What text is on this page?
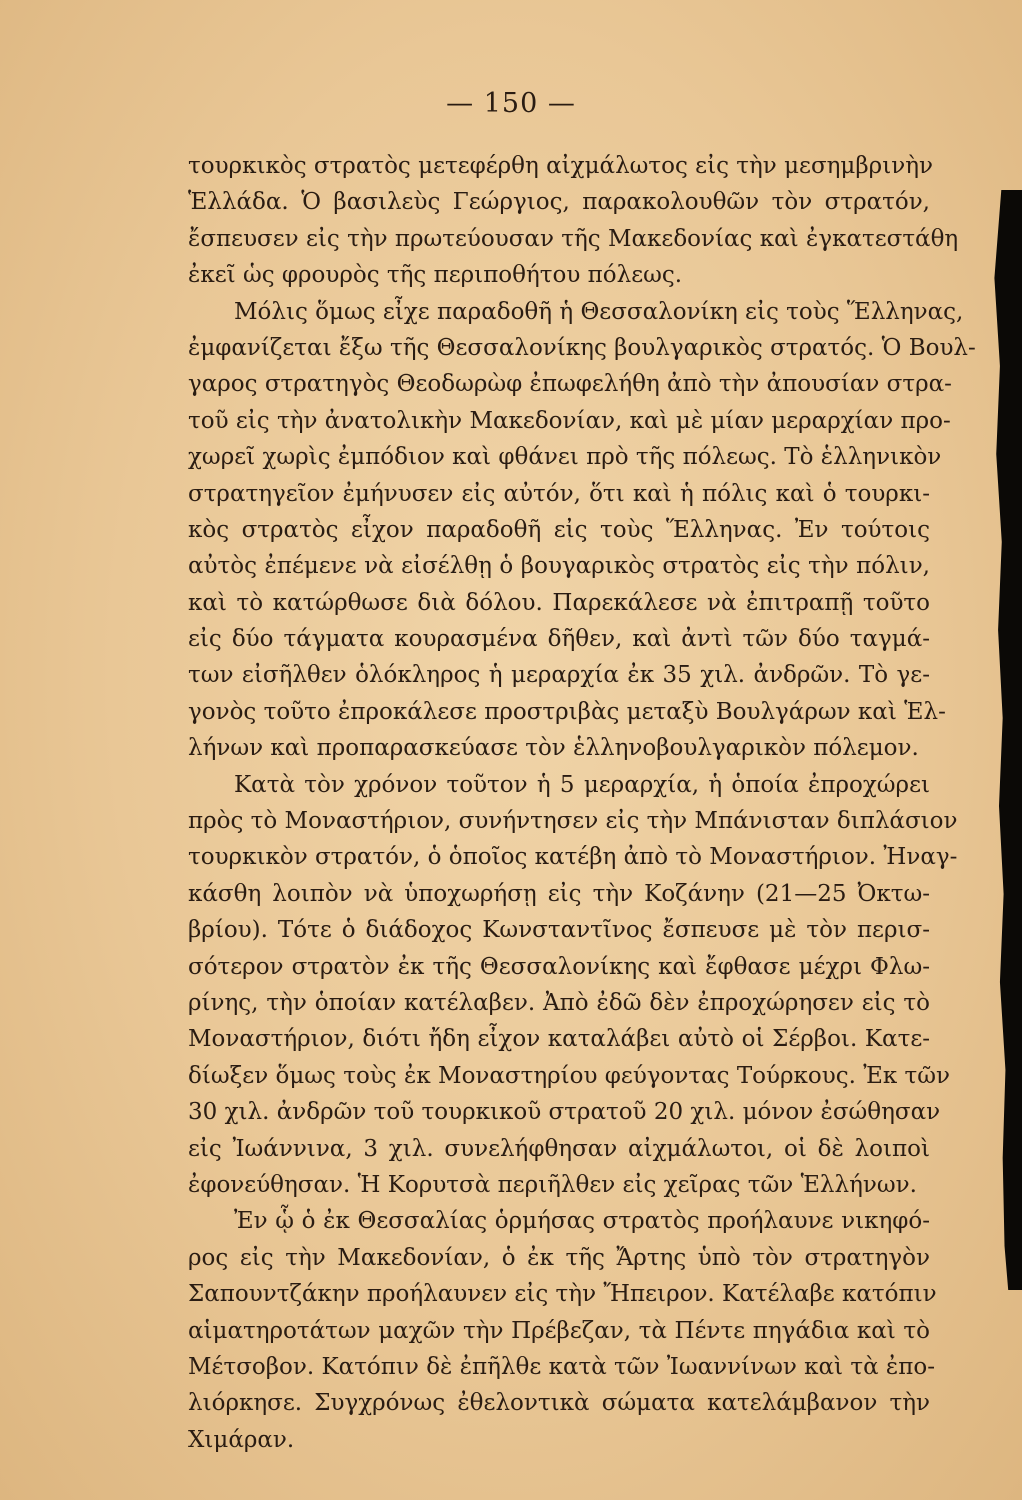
— 150 —
τουρκικὸς στρατὸς μετεφέρθη αἰχμάλωτος εἰς τὴν μεσημβρινὴν
Ἑλλάδα. Ὁ βασιλεὺς Γεώργιος, παρακολουθῶν τὸν στρατόν,
ἔσπευσεν εἰς τὴν πρωτεύουσαν τῆς Μακεδονίας καὶ ἐγκατεστάθη
ἐκεῖ ὡς φρουρὸς τῆς περιποθήτου πόλεως.
Μόλις ὅμως εἶχε παραδοθῆ ἡ Θεσσαλονίκη εἰς τοὺς Ἕλληνας,
ἐμφανίζεται ἔξω τῆς Θεσσαλονίκης βουλγαρικὸς στρατός. Ὁ Βουλ-
γαρος στρατηγὸς Θεοδωρὼφ ἐπωφελήθη ἀπὸ τὴν ἀπουσίαν στρα-
τοῦ εἰς τὴν ἀνατολικὴν Μακεδονίαν, καὶ μὲ μίαν μεραρχίαν προ-
χωρεῖ χωρὶς ἐμπόδιον καὶ φθάνει πρὸ τῆς πόλεως. Τὸ ἑλληνικὸν
στρατηγεῖον ἐμήνυσεν εἰς αὐτόν, ὅτι καὶ ἡ πόλις καὶ ὁ τουρκι-
κὸς στρατὸς εἶχον παραδοθῆ εἰς τοὺς Ἕλληνας. Ἐν τούτοις
αὐτὸς ἐπέμενε νὰ εἰσέλθῃ ὁ βουγαρικὸς στρατὸς εἰς τὴν πόλιν,
καὶ τὸ κατώρθωσε διὰ δόλου. Παρεκάλεσε νὰ ἐπιτραπῇ τοῦτο
εἰς δύο τάγματα κουρασμένα δῆθεν, καὶ ἀντὶ τῶν δύο ταγμά-
των εἰσῆλθεν ὁλόκληρος ἡ μεραρχία ἐκ 35 χιλ. ἀνδρῶν. Τὸ γε-
γονὸς τοῦτο ἐπροκάλεσε προστριβὰς μεταξὺ Βουλγάρων καὶ Ἑλ-
λήνων καὶ προπαρασκεύασε τὸν ἑλληνοβουλγαρικὸν πόλεμον.
Κατὰ τὸν χρόνον τοῦτον ἡ 5 μεραρχία, ἡ ὁποία ἐπροχώρει
πρὸς τὸ Μοναστήριον, συνήντησεν εἰς τὴν Μπάνισταν διπλάσιον
τουρκικὸν στρατόν, ὁ ὁποῖος κατέβη ἀπὸ τὸ Μοναστήριον. Ἠναγ-
κάσθη λοιπὸν νὰ ὑποχωρήσῃ εἰς τὴν Κοζάνην (21—25 Ὀκτω-
βρίου). Τότε ὁ διάδοχος Κωνσταντῖνος ἔσπευσε μὲ τὸν περισ-
σότερον στρατὸν ἐκ τῆς Θεσσαλονίκης καὶ ἔφθασε μέχρι Φλω-
ρίνης, τὴν ὁποίαν κατέλαβεν. Ἀπὸ ἐδῶ δὲν ἐπροχώρησεν εἰς τὸ
Μοναστήριον, διότι ἤδη εἶχον καταλάβει αὐτὸ οἱ Σέρβοι. Κατε-
δίωξεν ὅμως τοὺς ἐκ Μοναστηρίου φεύγοντας Τούρκους. Ἐκ τῶν
30 χιλ. ἀνδρῶν τοῦ τουρκικοῦ στρατοῦ 20 χιλ. μόνον ἐσώθησαν
εἰς Ἰωάννινα, 3 χιλ. συνελήφθησαν αἰχμάλωτοι, οἱ δὲ λοιποὶ
ἐφονεύθησαν. Ἡ Κορυτσὰ περιῆλθεν εἰς χεῖρας τῶν Ἑλλήνων.
Ἐν ᾧ ὁ ἐκ Θεσσαλίας ὁρμήσας στρατὸς προήλαυνε νικηφό-
ρος εἰς τὴν Μακεδονίαν, ὁ ἐκ τῆς Ἄρτης ὑπὸ τὸν στρατηγὸν
Σαπουντζάκην προήλαυνεν εἰς τὴν Ἤπειρον. Κατέλαβε κατόπιν
αἱματηροτάτων μαχῶν τὴν Πρέβεζαν, τὰ Πέντε πηγάδια καὶ τὸ
Μέτσοβον. Κατόπιν δὲ ἐπῆλθε κατὰ τῶν Ἰωαννίνων καὶ τὰ ἐπο-
λιόρκησε. Συγχρόνως ἐθελοντικὰ σώματα κατελάμβανον τὴν
Χιμάραν.
